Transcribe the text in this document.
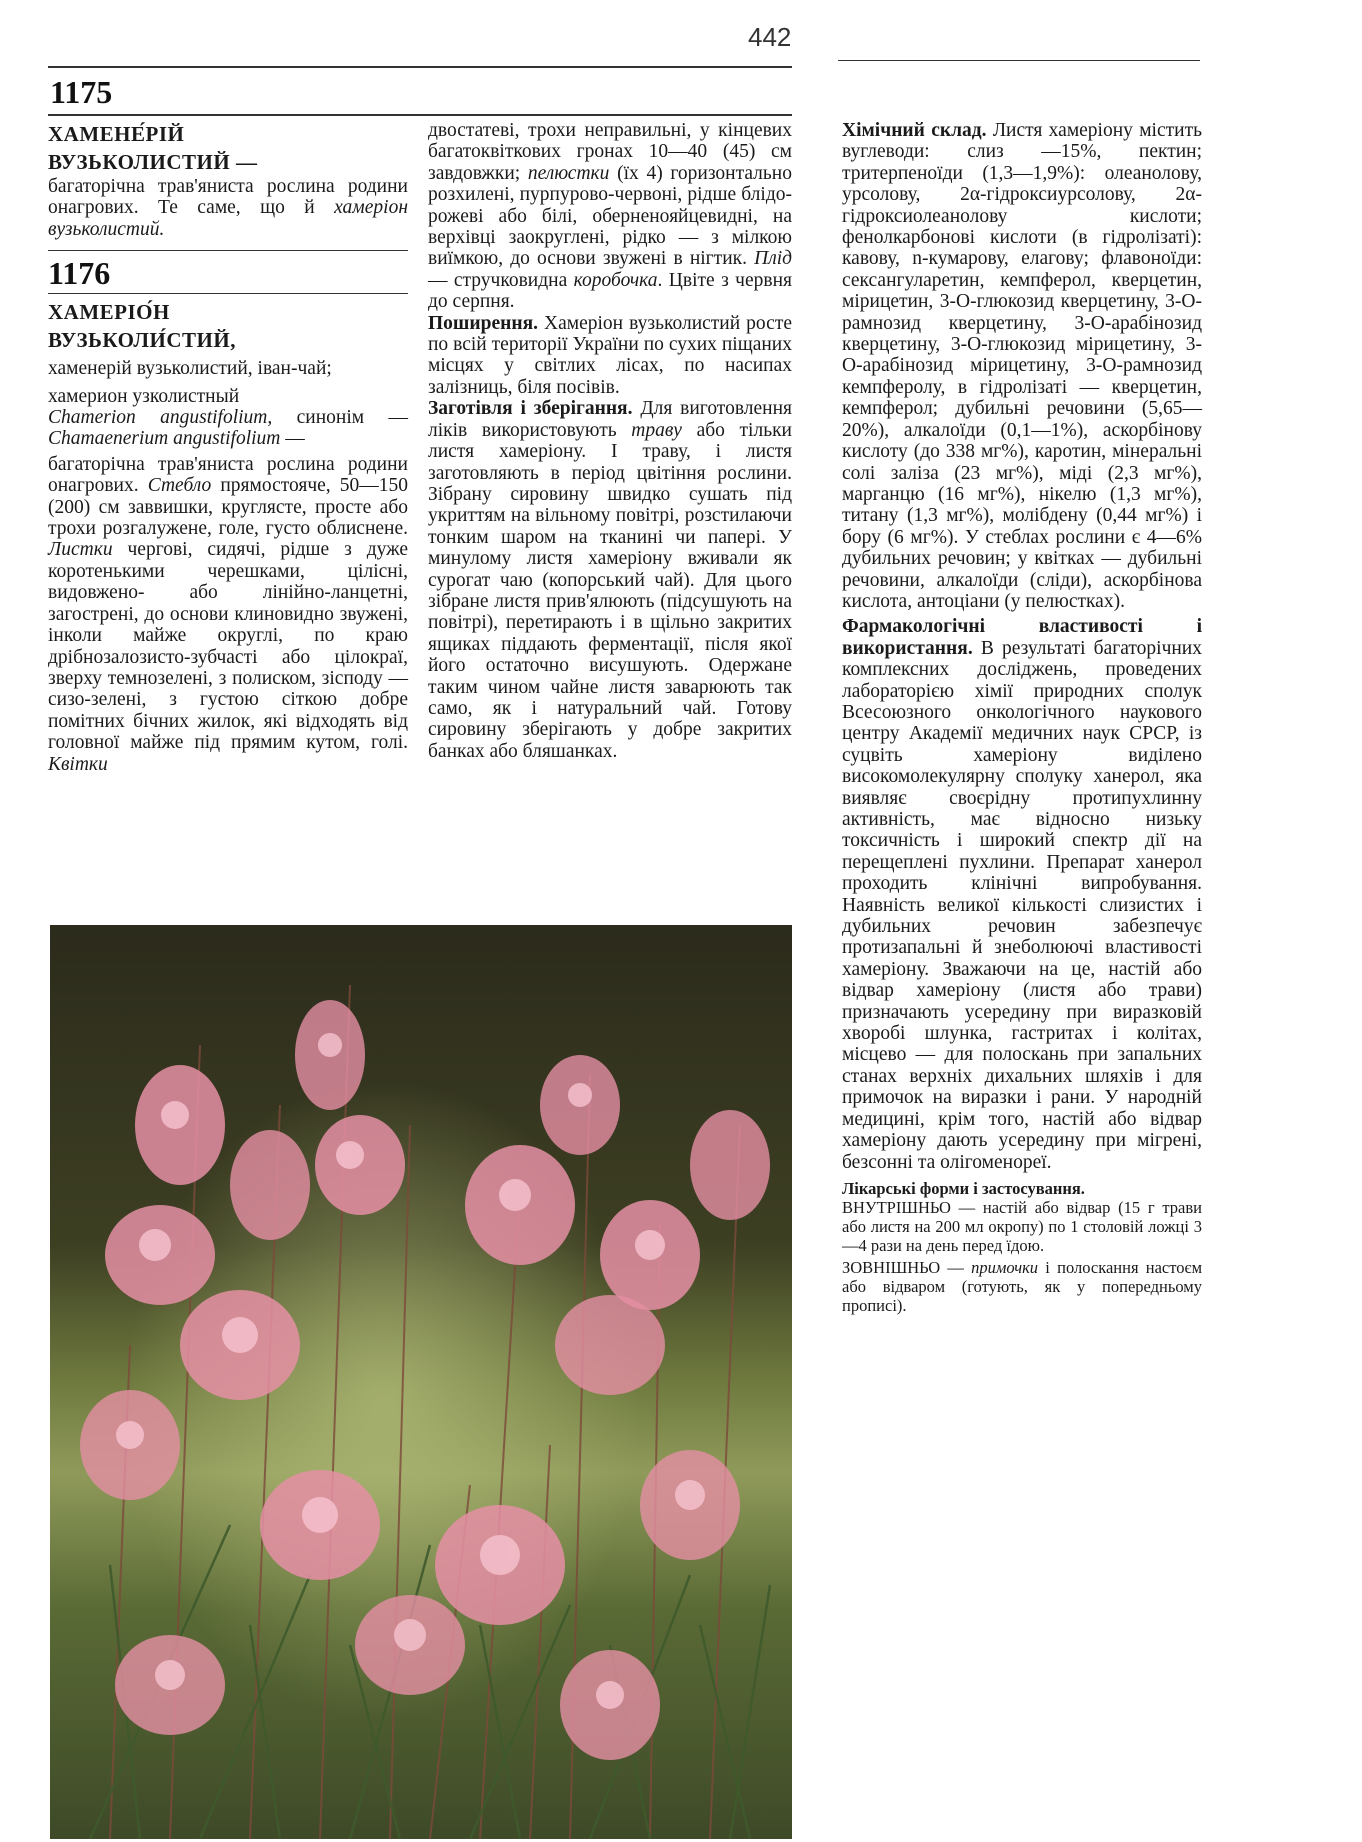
442
1175
ХАМЕНЕ́РІЙ
ВУЗЬКОЛИСТИЙ —

багаторічна трав'яниста рослина родини онагрових. Те саме, що й хамеріон вузьколистий.

1176
ХАМЕРІО́Н
ВУЗЬКОЛИ́СТИЙ,

хаменерій вузьколистий, іван-чай;

хамерион узколистный

Chamerion angustifolium, синонім — Chamaenerium angustifolium —

багаторічна трав'яниста рослина родини онагрових. Стебло прямостояче, 50—150 (200) см заввишки, кругляcте, просте або трохи розгалужене, голе, густо облиснене. Листки чергові, сидячі, рідше з дуже коротенькими черешками, цілісні, видовжено- або лінійно-ланцетні, загострені, до основи клиновидно звужені, інколи майже округлі, по краю дрібнозалозисто-зубчасті або цілокраї, зверху темнозелені, з полиском, зісподу — сизо-зелені, з густою сіткою добре помітних бічних жилок, які відходять від головної майже під прямим кутом, голі. Квітки

двостатеві, трохи неправильні, у кінцевих багатоквіткових гронах 10—40 (45) см завдовжки; пелюстки (їх 4) горизонтально розхилені, пурпурово-червоні, рідше блідо-рожеві або білі, оберненояйцевидні, на верхівці заокруглені, рідко — з мілкою виїмкою, до основи звужені в нігтик. Плід — стручковидна коробочка. Цвіте з червня до серпня.

Поширення. Хамеріон вузьколистий росте по всій території України по сухих піщаних місцях у світлих лісах, по насипах залізниць, біля посівів.

Заготівля і зберігання. Для виготовлення ліків використовують траву або тільки листя хамеріону. І траву, і листя заготовляють в період цвітіння рослини. Зібрану сировину швидко сушать під укриттям на вільному повітрі, розстилаючи тонким шаром на тканині чи папері. У минулому листя хамеріону вживали як сурогат чаю (копорський чай). Для цього зібране листя прив'ялюють (підсушують на повітрі), перетирають і в щільно закритих ящиках піддають ферментації, після якої його остаточно висушують. Одержане таким чином чайне листя заварюють так само, як і натуральний чай. Готову сировину зберігають у добре закритих банках або бляшанках.

Хімічний склад. Листя хамеріону містить вуглеводи: слиз —15%, пектин; тритерпеноїди (1,3—1,9%): олеанолову, урсолову, 2α-гідроксиурсолову, 2α-гідроксиолеанолову кислоти; фенолкарбонові кислоти (в гідролізаті): кавову, n-кумарову, елагову; флавоноїди: сексангуларетин, кемпферол, кверцетин, мірицетин, 3-О-глюкозид кверцетину, 3-О-рамнозид кверцетину, 3-О-арабінозид кверцетину, 3-О-глюкозид мірицетину, 3-О-арабінозид мірицетину, 3-О-рамнозид кемпферолу, в гідролізаті — кверцетин, кемпферол; дубильні речовини (5,65—20%), алкалоїди (0,1—1%), аскорбінову кислоту (до 338 мг%), каротин, мінеральні солі заліза (23 мг%), міді (2,3 мг%), марганцю (16 мг%), нікелю (1,3 мг%), титану (1,3 мг%), молібдену (0,44 мг%) і бору (6 мг%). У стеблах рослини є 4—6% дубильних речовин; у квітках — дубильні речовини, алкалоїди (сліди), аскорбінова кислота, антоціани (у пелюстках).

Фармакологічні властивості і використання. В результаті багаторічних комплексних досліджень, проведених лабораторією хімії природних сполук Всесоюзного онкологічного наукового центру Академії медичних наук СРСР, із суцвіть хамеріону виділено високомолекулярну сполуку ханерол, яка виявляє своєрідну протипухлинну активність, має відносно низьку токсичність і широкий спектр дії на перещеплені пухлини. Препарат ханерол проходить клінічні випробування. Наявність великої кількості слизистих і дубильних речовин забезпечує протизапальні й знеболюючі властивості хамеріону. Зважаючи на це, настій або відвар хамеріону (листя або трави) призначають усередину при виразковій хворобі шлунка, гастритах і колітах, місцево — для полоскань при запальних станах верхніх дихальних шляхів і для примочок на виразки і рани. У народній медицині, крім того, настій або відвар хамеріону дають усередину при мігрені, безсонні та олігоменореї.

Лікарські форми і застосування.

ВНУТРІШНЬО — настій або відвар (15 г трави або листя на 200 мл окропу) по 1 столовій ложці 3—4 рази на день перед їдою.

ЗОВНІШНЬО — примочки і полоскання настоєм або відваром (готують, як у попередньому прописі).
